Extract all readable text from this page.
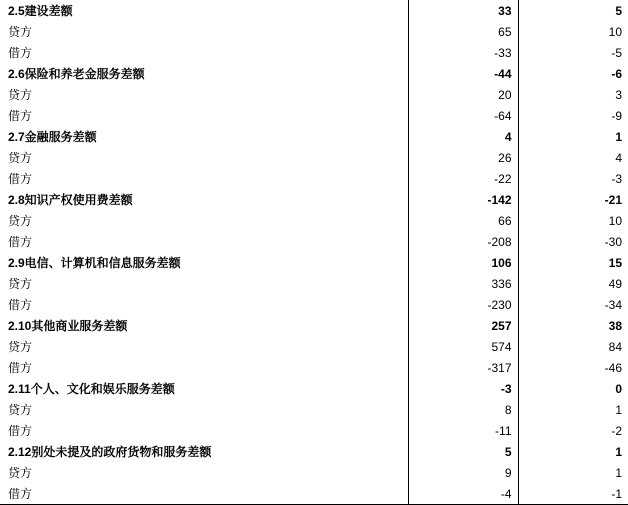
2.5建设差额	33	5
贷方	65	10
借方	-33	-5
2.6保险和养老金服务差额	-44	-6
贷方	20	3
借方	-64	-9
2.7金融服务差额	4	1
贷方	26	4
借方	-22	-3
2.8知识产权使用费差额	-142	-21
贷方	66	10
借方	-208	-30
2.9电信、计算机和信息服务差额	106	15
贷方	336	49
借方	-230	-34
2.10其他商业服务差额	257	38
贷方	574	84
借方	-317	-46
2.11个人、文化和娱乐服务差额	-3	0
贷方	8	1
借方	-11	-2
2.12别处未提及的政府货物和服务差额	5	1
贷方	9	1
借方	-4	-1
